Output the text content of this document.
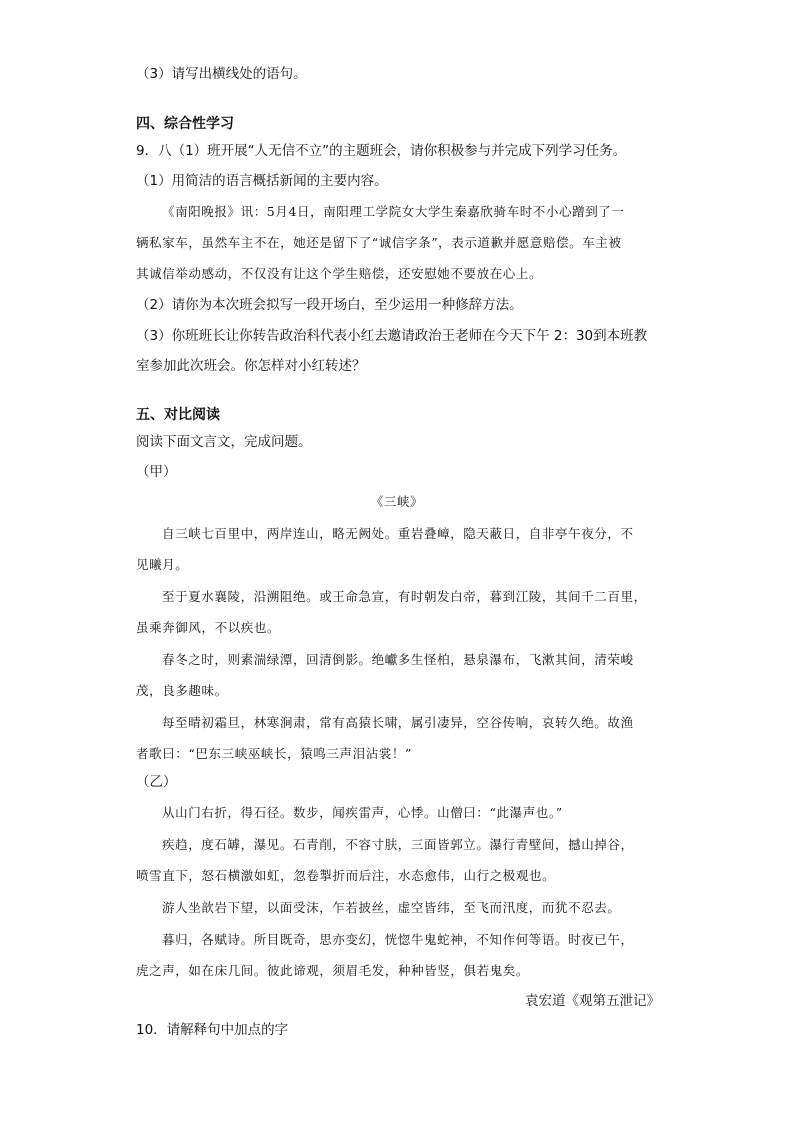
（3）请写出横线处的语句。
四、综合性学习
9．八（1）班开展“人无信不立”的主题班会，请你积极参与并完成下列学习任务。
（1）用简洁的语言概括新闻的主要内容。
《南阳晚报》讯：5月4日，南阳理工学院女大学生秦嘉欣骑车时不小心蹭到了一
辆私家车，虽然车主不在，她还是留下了“诚信字条”，表示道歉并愿意赔偿。车主被
其诚信举动感动，不仅没有让这个学生赔偿，还安慰她不要放在心上。
（2）请你为本次班会拟写一段开场白，至少运用一种修辞方法。
（3）你班班长让你转告政治科代表小红去邀请政治王老师在今天下午 2：30到本班教
室参加此次班会。你怎样对小红转述？
五、对比阅读
阅读下面文言文，完成问题。
（甲）
《三峡》
自三峡七百里中，两岸连山，略无阙处。重岩叠嶂，隐天蔽日，自非亭午夜分，不
见曦月。
至于夏水襄陵，沿溯阻绝。或王命急宣，有时朝发白帝，暮到江陵，其间千二百里，
虽乘奔御风，不以疾也。
春冬之时，则素湍绿潭，回清倒影。绝巘多生怪柏，悬泉瀑布，飞漱其间，清荣峻
茂，良多趣味。
每至晴初霜旦，林寒涧肃，常有高猿长啸，属引凄异，空谷传响，哀转久绝。故渔
者歌曰：“巴东三峡巫峡长，猿鸣三声泪沾裳！”
（乙）
从山门右折，得石径。数步，闻疾雷声，心悸。山僧曰：“此瀑声也。”
疾趋，度石罅，瀑见。石青削，不容寸肤，三面皆郭立。瀑行青壁间，撼山掉谷，
喷雪直下，怒石横激如虹，忽卷掣折而后注，水态愈伟，山行之极观也。
游人坐歆岩下望，以面受沫，乍若披丝，虚空皆纬，至飞而汛度，而犹不忍去。
暮归，各赋诗。所目既奇，思亦变幻，恍惚牛鬼蛇神，不知作何等语。时夜已午，
虎之声，如在床几间。彼此谛观，须眉毛发，种种皆竖，俱若鬼矣。
袁宏道《观第五泄记》
10．请解释句中加点的字
